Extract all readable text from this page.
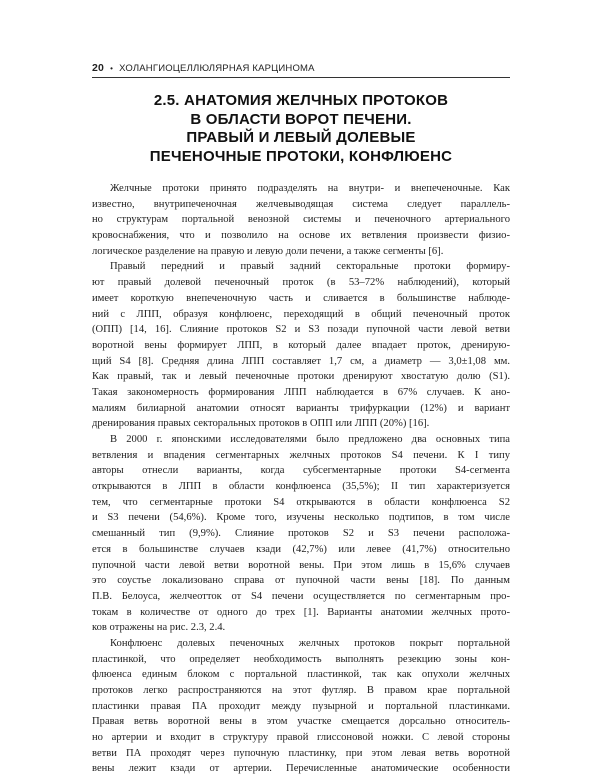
20 • ХОЛАНГИОЦЕЛЛЮЛЯРНАЯ КАРЦИНОМА
2.5. АНАТОМИЯ ЖЕЛЧНЫХ ПРОТОКОВ
В ОБЛАСТИ ВОРОТ ПЕЧЕНИ.
ПРАВЫЙ И ЛЕВЫЙ ДОЛЕВЫЕ
ПЕЧЕНОЧНЫЕ ПРОТОКИ, КОНФЛЮЕНС
Желчные протоки принято подразделять на внутри- и внепеченочные. Как
известно, внутрипеченочная желчевыводящая система следует параллель-
но структурам портальной венозной системы и печеночного артериального
кровоснабжения, что и позволило на основе их ветвления произвести физио-
логическое разделение на правую и левую доли печени, а также сегменты [6].
Правый передний и правый задний секторальные протоки формиру-
ют правый долевой печеночный проток (в 53–72% наблюдений), который
имеет короткую внепеченочную часть и сливается в большинстве наблюде-
ний с ЛПП, образуя конфлюенс, переходящий в общий печеночный проток
(ОПП) [14, 16]. Слияние протоков S2 и S3 позади пупочной части левой ветви
воротной вены формирует ЛПП, в который далее впадает проток, дренирую-
щий S4 [8]. Средняя длина ЛПП составляет 1,7 см, а диаметр — 3,0±1,08 мм.
Как правый, так и левый печеночные протоки дренируют хвостатую долю (S1).
Такая закономерность формирования ЛПП наблюдается в 67% случаев. К ано-
малиям билиарной анатомии относят варианты трифуркации (12%) и вариант
дренирования правых секторальных протоков в ОПП или ЛПП (20%) [16].
В 2000 г. японскими исследователями было предложено два основных типа
ветвления и впадения сегментарных желчных протоков S4 печени. К I типу
авторы отнесли варианты, когда субсегментарные протоки S4-сегмента
открываются в ЛПП в области конфлюенса (35,5%); II тип характеризуется
тем, что сегментарные протоки S4 открываются в области конфлюенса S2
и S3 печени (54,6%). Кроме того, изучены несколько подтипов, в том числе
смешанный тип (9,9%). Слияние протоков S2 и S3 печени расположа-
ется в большинстве случаев кзади (42,7%) или левее (41,7%) относительно
пупочной части левой ветви воротной вены. При этом лишь в 15,6% случаев
это соустье локализовано справа от пупочной части вены [18]. По данным
П.В. Белоуса, желчеотток от S4 печени осуществляется по сегментарным про-
токам в количестве от одного до трех [1]. Варианты анатомии желчных прото-
ков отражены на рис. 2.3, 2.4.
Конфлюенс долевых печеночных желчных протоков покрыт портальной
пластинкой, что определяет необходимость выполнять резекцию зоны кон-
флюенса единым блоком с портальной пластинкой, так как опухоли желчных
протоков легко распространяются на этот футляр. В правом крае портальной
пластинки правая ПА проходит между пузырной и портальной пластинками.
Правая ветвь воротной вены в этом участке смещается дорсально относитель-
но артерии и входит в структуру правой глиссоновой ножки. С левой стороны
ветви ПА проходят через пупочную пластинку, при этом левая ветвь воротной
вены лежит кзади от артерии. Перечисленные анатомические особенности
